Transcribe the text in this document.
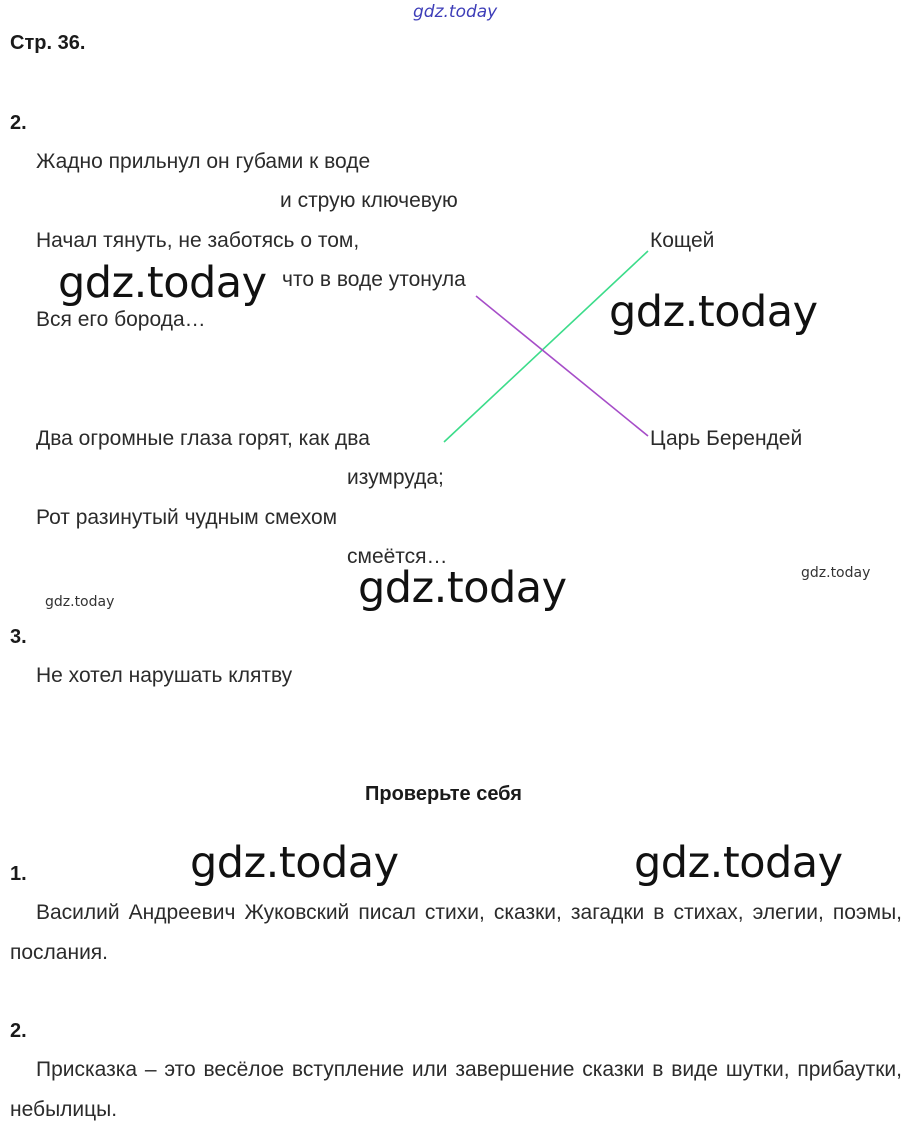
gdz.today
gdz.today
gdz.today
gdz.today
gdz.today	gdz.today
gdz.today
gdz.today
Стр. 36.
2.
Жадно прильнул он губами к воде
и струю ключевую
Начал тянуть, не заботясь о том,
что в воде утонула
Вся его борода…
Два огромные глаза горят, как два
изумруда;
Рот разинутый чудным смехом
смеётся…
Кощей
Царь Берендей
3.
Не хотел нарушать клятву
Проверьте себя
1.
Василий Андреевич Жуковский писал стихи, сказки, загадки в стихах, элегии, поэмы, послания.
2.
Присказка – это весёлое вступление или завершение сказки в виде шутки, прибаутки, небылицы.
